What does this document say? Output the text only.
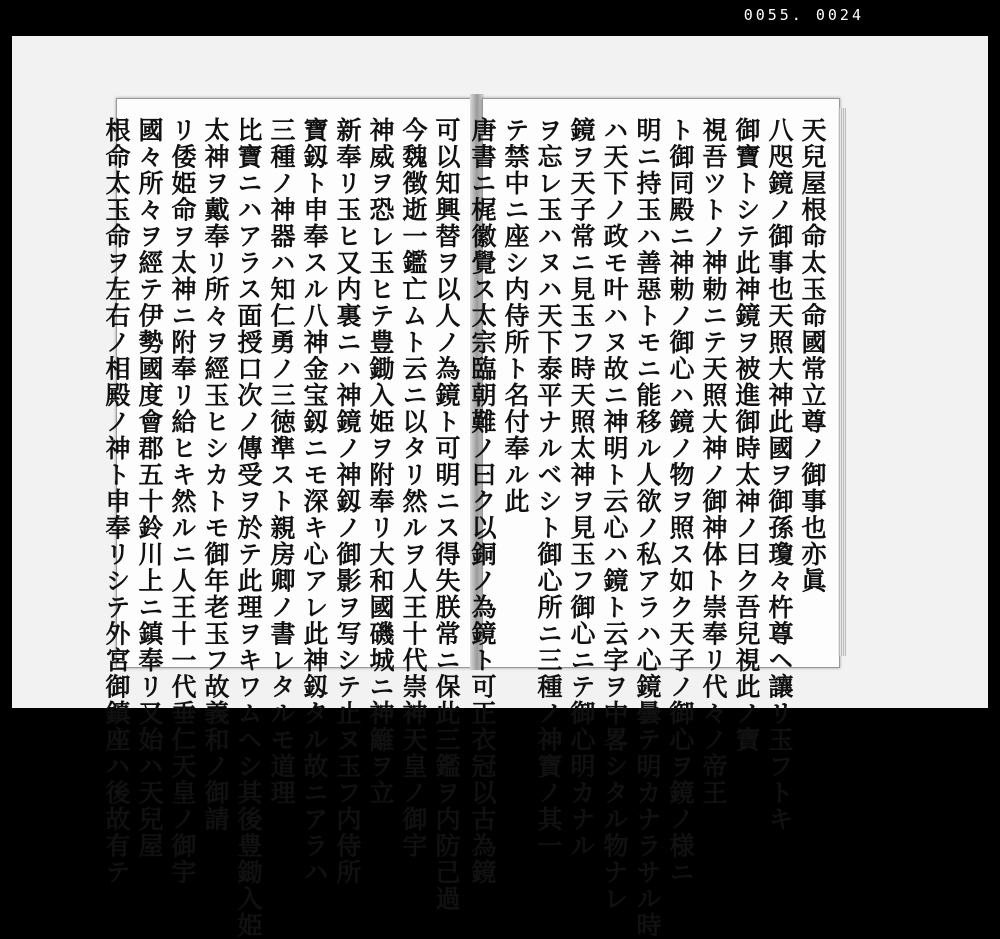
0055. 0024
可以知興替ヲ以人ノ為鏡ト可明ニス得失朕常ニ保此三鑑ヲ内防己過
今魏徴逝一鑑亡ムト云ニ以タリ然ルヲ人王十代崇神天皇ノ御宇
神威ヲ恐レ玉ヒテ豊鋤入姫ヲ附奉リ大和國磯城ニ神籬ヲ立
新奉リ玉ヒ又内裏ニハ神鏡ノ神釼ノ御影ヲ写シテ止ヌ玉フ内侍所
寶釼ト申奉スル八神金宝釼ニモ深キ心アレ此神釼タル故ニアラハ
三種ノ神器ハ知仁勇ノ三徳準スト親房卿ノ書レタルモ道理
比寶ニハアラス面授口次ノ傳受ヲ於テ此理ヲキワムヘシ其後豊鋤入姫
太神ヲ戴奉リ所々ヲ經玉ヒシカトモ御年老玉フ故義和ノ御請
リ倭姫命ヲ太神ニ附奉リ給ヒキ然ルニ人王十一代垂仁天皇ノ御宇
國々所々ヲ經テ伊勢國度會郡五十鈴川上ニ鎮奉リ又始ハ天兒屋
根命太玉命ヲ左右ノ相殿ノ神ト申奉リシテ外宮御鎮座ハ後故有テ	天兒屋根命太玉命國常立尊ノ御事也亦眞
八咫鏡ノ御事也天照大神此國ヲ御孫瓊々杵尊ヘ讓リ玉フトキ
御寶トシテ此神鏡ヲ被進御時太神ノ曰ク吾兒視此ノ寶
視吾ツトノ神勅ニテ天照大神ノ御神体ト崇奉リ代々ノ帝王
ト御同殿ニ神勅ノ御心ハ鏡ノ物ヲ照ス如ク天子ノ御心ヲ鏡ノ様ニ
明ニ持玉ハ善惡トモニ能移ル人欲ノ私アラハ心鏡曇テ明カナラサル時
ハ天下ノ政モ叶ハヌ故ニ神明ト云心ハ鏡ト云字ヲ中畧シタル物ナレ
鏡ヲ天子常ニ見玉フ時天照太神ヲ見玉フ御心ニテ御心明カナル
ヲ忘レ玉ハヌハ天下泰平ナルベシト御心所ニ三種ノ神寶ノ其一
テ禁中ニ座シ内侍所ト名付奉ル此
唐書ニ梶徽覺ス太宗臨朝難ノ曰ク以銅ノ為鏡ト可正衣冠以古為鏡
